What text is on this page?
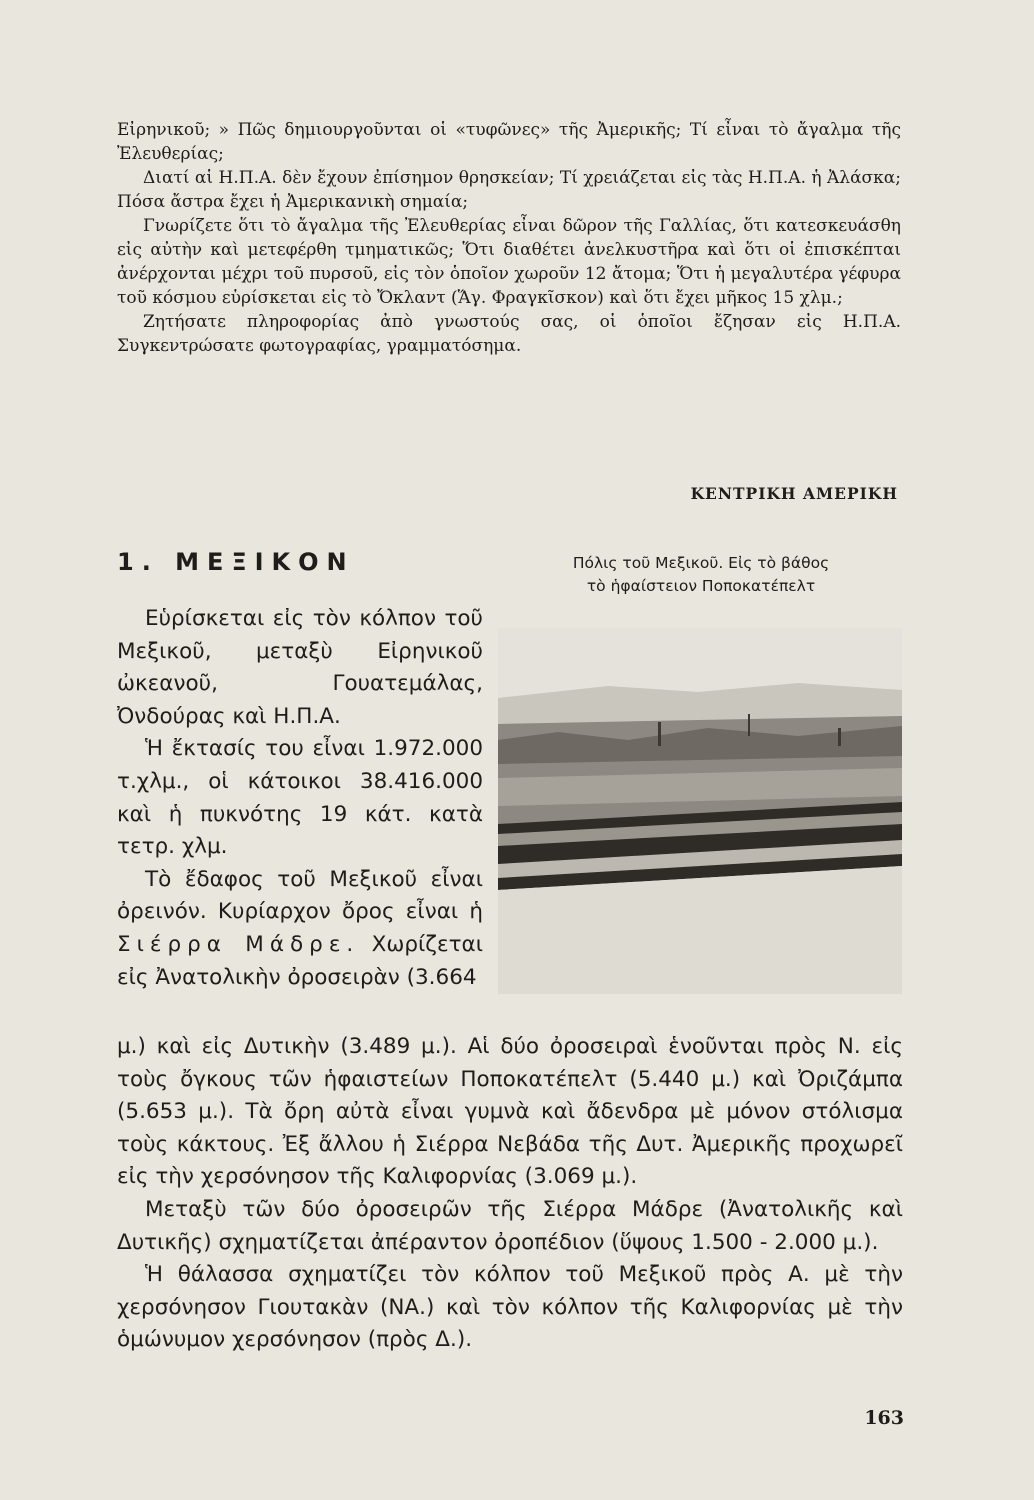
Εἰρηνικοῦ; » Πῶς δημιουργοῦνται οἱ «τυφῶνες» τῆς Ἀμερικῆς; Τί εἶναι τὸ ἄγαλμα τῆς Ἐλευθερίας;

Διατί αἱ Η.Π.Α. δὲν ἔχουν ἐπίσημον θρησκείαν; Τί χρειάζεται εἰς τὰς Η.Π.Α. ἡ Ἀλάσκα; Πόσα ἄστρα ἔχει ἡ Ἀμερικανικὴ σημαία;

Γνωρίζετε ὅτι τὸ ἄγαλμα τῆς Ἐλευθερίας εἶναι δῶρον τῆς Γαλλίας, ὅτι κατεσκευάσθη εἰς αὐτὴν καὶ μετεφέρθη τμηματικῶς; Ὅτι διαθέτει ἀνελκυστῆρα καὶ ὅτι οἱ ἐπισκέπται ἀνέρχονται μέχρι τοῦ πυρσοῦ, εἰς τὸν ὁποῖον χωροῦν 12 ἄτομα; Ὅτι ἡ μεγαλυτέρα γέφυρα τοῦ κόσμου εὑρίσκεται εἰς τὸ Ὄκλαντ (Ἅγ. Φραγκῖσκον) καὶ ὅτι ἔχει μῆκος 15 χλμ.;

Ζητήσατε πληροφορίας ἀπὸ γνωστούς σας, οἱ ὁποῖοι ἔζησαν εἰς Η.Π.Α. Συγκεντρώσατε φωτογραφίας, γραμματόσημα.

ΚΕΝΤΡΙΚΗ ΑΜΕΡΙΚΗ
1. ΜΕΞΙΚΟΝ	Πόλις τοῦ Μεξικοῦ. Εἰς τὸ βάθος
τὸ ἡφαίστειον Ποποκατέπελτ

Εὑρίσκεται εἰς τὸν κόλπον τοῦ Μεξικοῦ, μεταξὺ Εἰρηνικοῦ ὠκεανοῦ, Γουατεμάλας, Ὀνδούρας καὶ Η.Π.Α.

Ἡ ἔκτασίς του εἶναι 1.972.000 τ.χλμ., οἱ κάτοικοι 38.416.000 καὶ ἡ πυκνότης 19 κάτ. κατὰ τετρ. χλμ.

Τὸ ἔδαφος τοῦ Μεξικοῦ εἶναι ὀρεινόν. Κυρίαρχον ὄρος εἶναι ἡ Σιέρρα Μάδρε. Χωρίζεται εἰς Ἀνατολικὴν ὀροσειρὰν (3.664

μ.) καὶ εἰς Δυτικὴν (3.489 μ.). Αἱ δύο ὀροσειραὶ ἑνοῦνται πρὸς Ν. εἰς τοὺς ὄγκους τῶν ἡφαιστείων Ποποκατέπελτ (5.440 μ.) καὶ Ὀριζάμπα (5.653 μ.). Τὰ ὄρη αὐτὰ εἶναι γυμνὰ καὶ ἄδενδρα μὲ μόνον στόλισμα τοὺς κάκτους. Ἐξ ἄλλου ἡ Σιέρρα Νεβάδα τῆς Δυτ. Ἀμερικῆς προχωρεῖ εἰς τὴν χερσόνησον τῆς Καλιφορνίας (3.069 μ.).

Μεταξὺ τῶν δύο ὀροσειρῶν τῆς Σιέρρα Μάδρε (Ἀνατολικῆς καὶ Δυτικῆς) σχηματίζεται ἀπέραντον ὀροπέδιον (ὕψους 1.500 - 2.000 μ.).

Ἡ θάλασσα σχηματίζει τὸν κόλπον τοῦ Μεξικοῦ πρὸς Α. μὲ τὴν χερσόνησον Γιουτακὰν (ΝΑ.) καὶ τὸν κόλπον τῆς Καλιφορνίας μὲ τὴν ὁμώνυμον χερσόνησον (πρὸς Δ.).

163
